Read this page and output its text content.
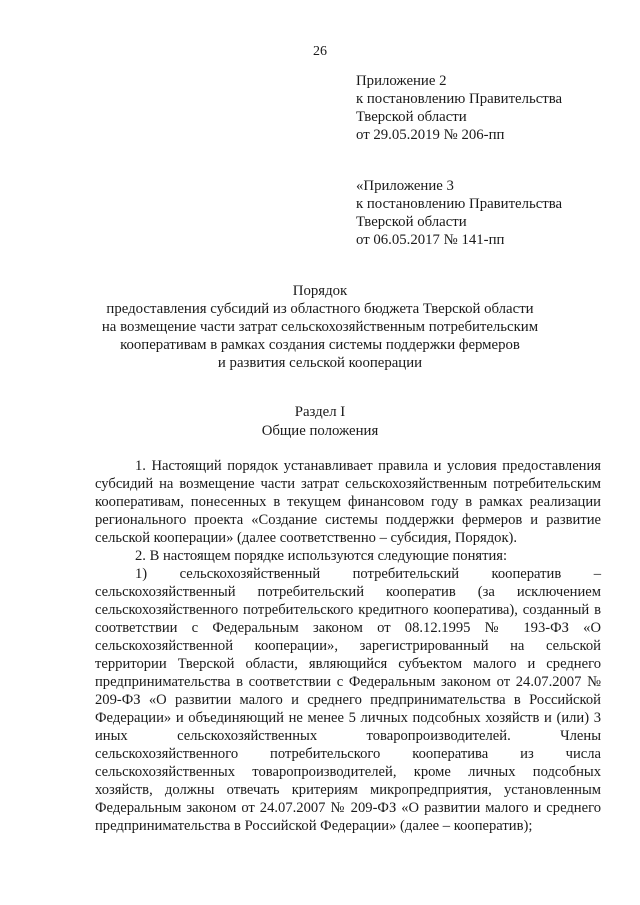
26
Приложение 2
к постановлению Правительства
Тверской области
от 29.05.2019 № 206-пп
«Приложение 3
к постановлению Правительства
Тверской области
от 06.05.2017 № 141-пп
Порядок
предоставления субсидий из областного бюджета Тверской области
на возмещение части затрат сельскохозяйственным потребительским
кооперативам в рамках создания системы поддержки фермеров
и развития сельской кооперации
Раздел I
Общие положения

1. Настоящий порядок устанавливает правила и условия предоставления субсидий на возмещение части затрат сельскохозяйственным потребительским кооперативам, понесенных в текущем финансовом году в рамках реализации регионального проекта «Создание системы поддержки фермеров и развитие сельской кооперации» (далее соответственно – субсидия, Порядок).

2. В настоящем порядке используются следующие понятия:

1) сельскохозяйственный потребительский кооператив – сельскохозяйственный потребительский кооператив (за исключением сельскохозяйственного потребительского кредитного кооператива), созданный в соответствии с Федеральным законом от 08.12.1995 № 193-ФЗ «О сельскохозяйственной кооперации», зарегистрированный на сельской территории Тверской области, являющийся субъектом малого и среднего предпринимательства в соответствии с Федеральным законом от 24.07.2007 № 209-ФЗ «О развитии малого и среднего предпринимательства в Российской Федерации» и объединяющий не менее 5 личных подсобных хозяйств и (или) 3 иных сельскохозяйственных товаропроизводителей. Члены сельскохозяйственного потребительского кооператива из числа сельскохозяйственных товаропроизводителей, кроме личных подсобных хозяйств, должны отвечать критериям микропредприятия, установленным Федеральным законом от 24.07.2007 № 209-ФЗ «О развитии малого и среднего предпринимательства в Российской Федерации» (далее – кооператив);
